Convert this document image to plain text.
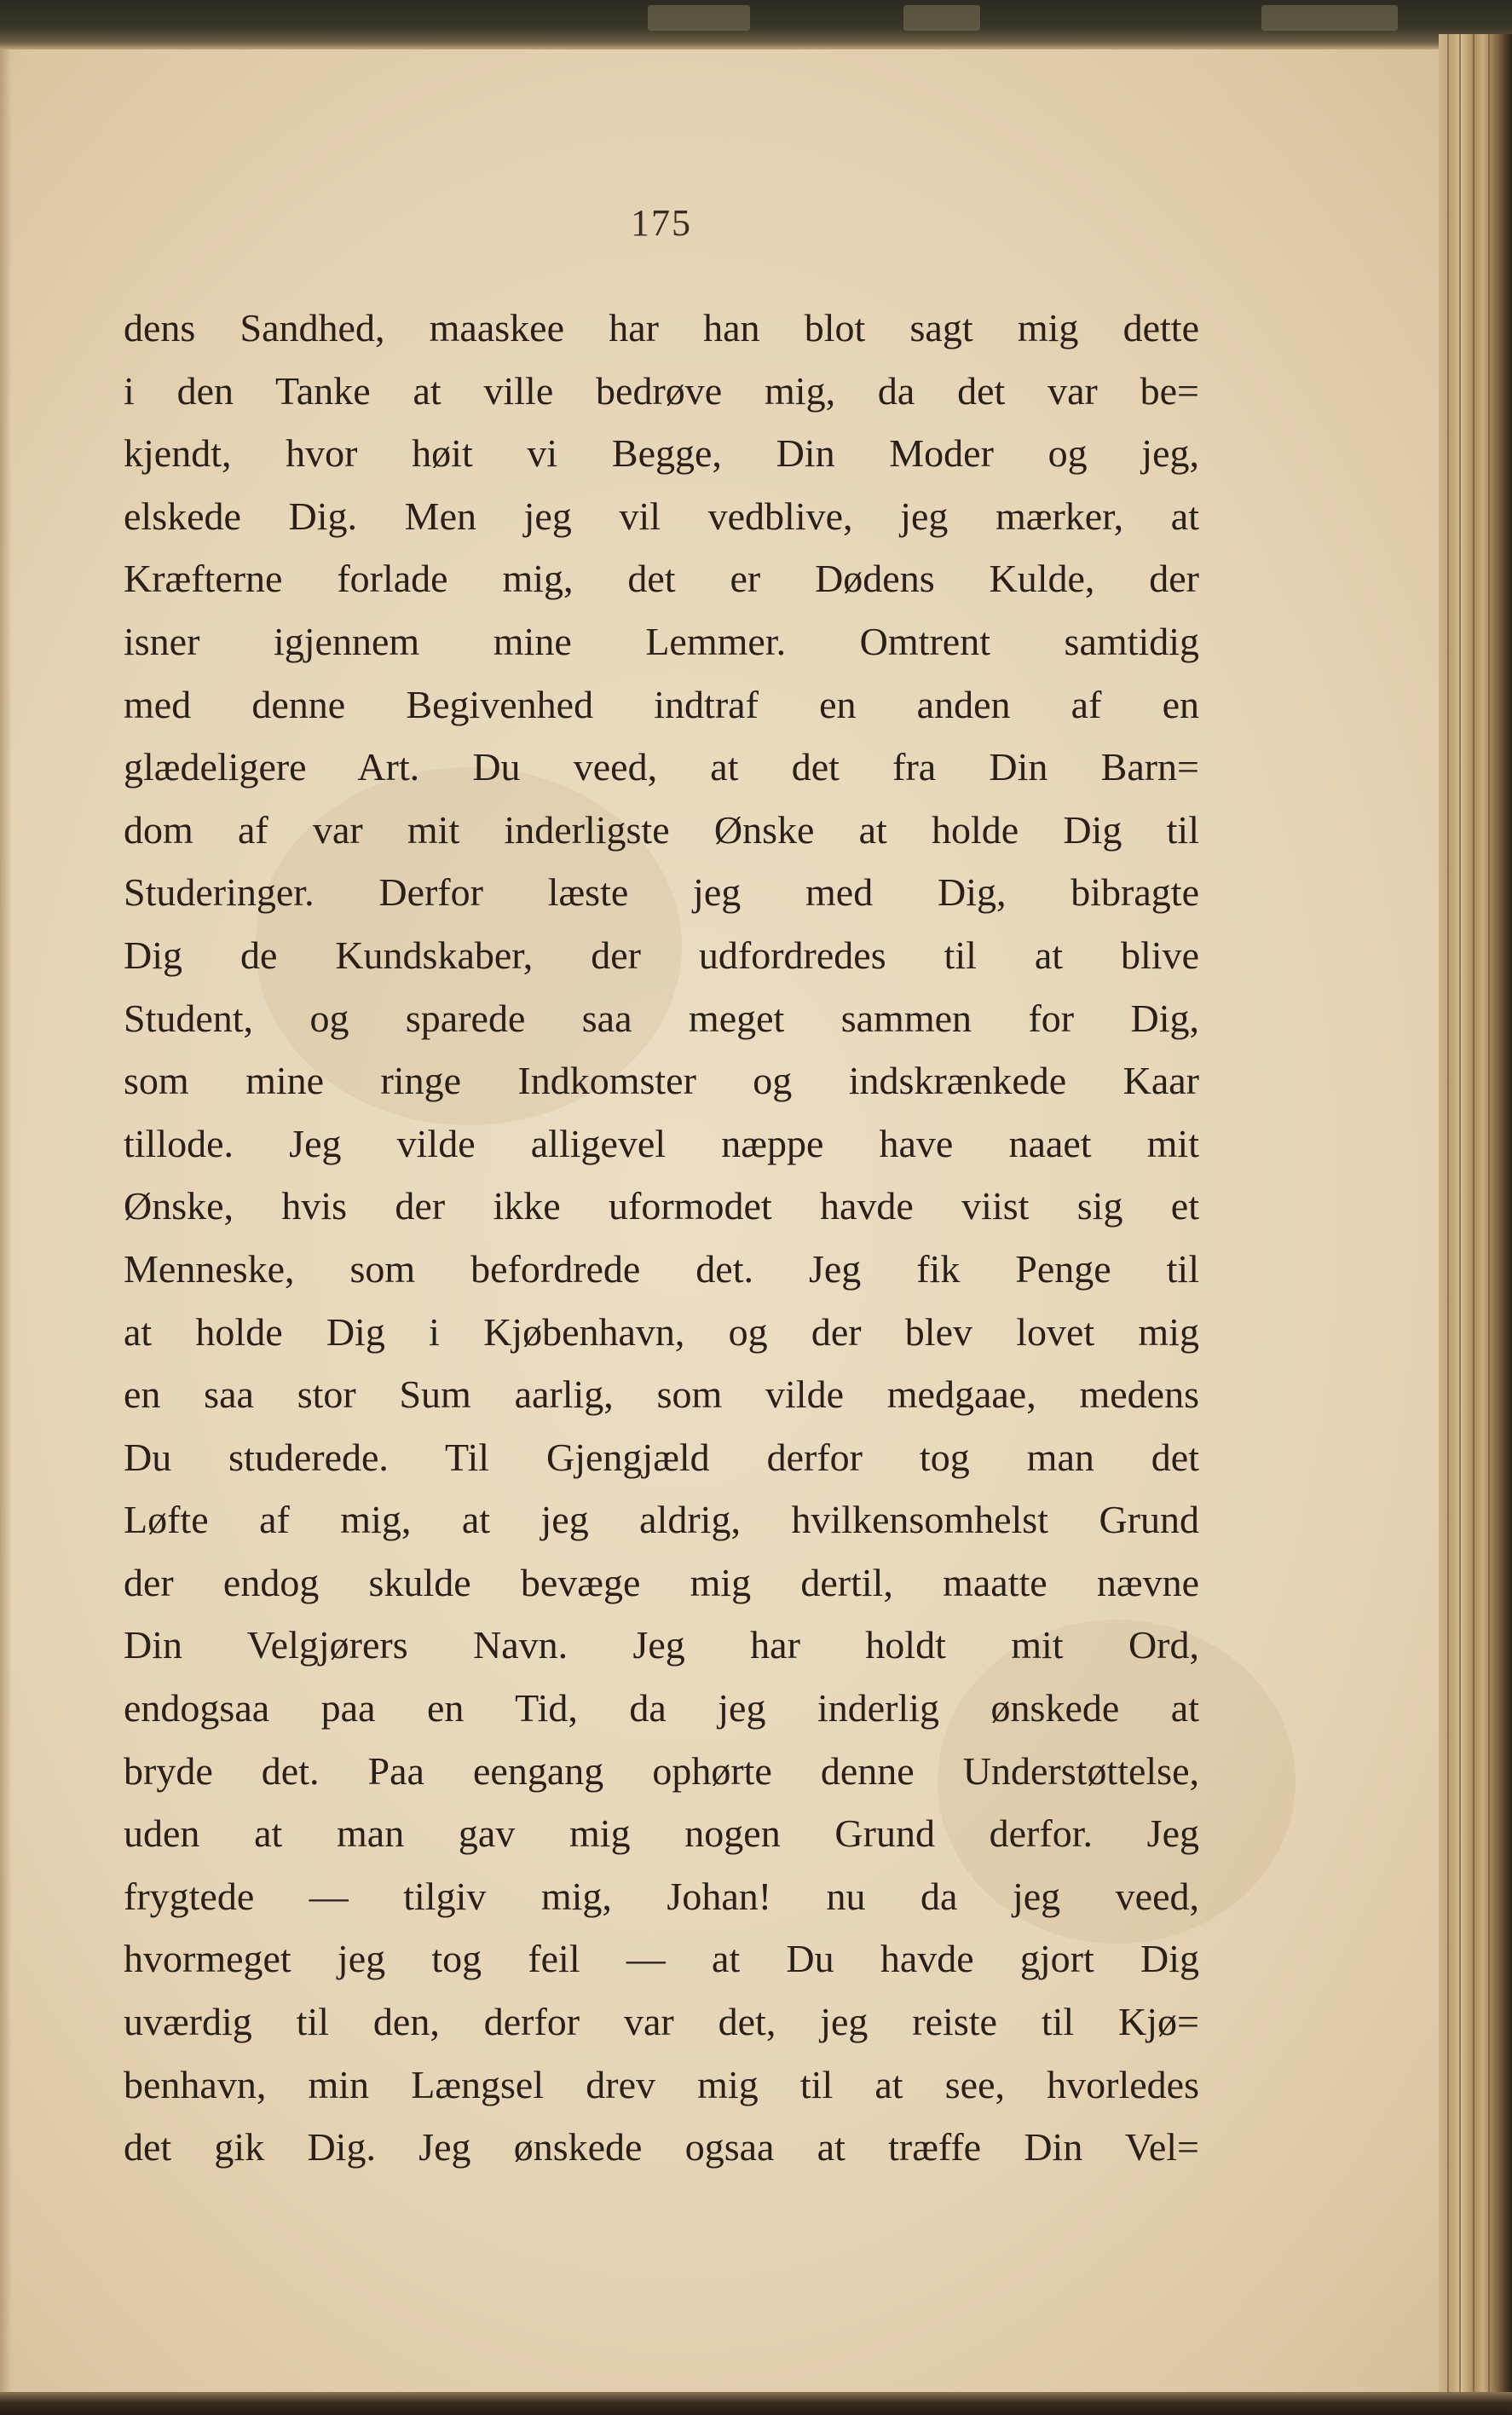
175
dens Sandhed, maaskee har han blot sagt mig dette
i den Tanke at ville bedrøve mig, da det var be=
kjendt, hvor høit vi Begge, Din Moder og jeg,
elskede Dig. Men jeg vil vedblive, jeg mærker, at
Kræfterne forlade mig, det er Dødens Kulde, der
isner igjennem mine Lemmer. Omtrent samtidig
med denne Begivenhed indtraf en anden af en
glædeligere Art. Du veed, at det fra Din Barn=
dom af var mit inderligste Ønske at holde Dig til
Studeringer. Derfor læste jeg med Dig, bibragte
Dig de Kundskaber, der udfordredes til at blive
Student, og sparede saa meget sammen for Dig,
som mine ringe Indkomster og indskrænkede Kaar
tillode. Jeg vilde alligevel næppe have naaet mit
Ønske, hvis der ikke uformodet havde viist sig et
Menneske, som befordrede det. Jeg fik Penge til
at holde Dig i Kjøbenhavn, og der blev lovet mig
en saa stor Sum aarlig, som vilde medgaae, medens
Du studerede. Til Gjengjæld derfor tog man det
Løfte af mig, at jeg aldrig, hvilkensomhelst Grund
der endog skulde bevæge mig dertil, maatte nævne
Din Velgjørers Navn. Jeg har holdt mit Ord,
endogsaa paa en Tid, da jeg inderlig ønskede at
bryde det. Paa eengang ophørte denne Understøttelse,
uden at man gav mig nogen Grund derfor. Jeg
frygtede — tilgiv mig, Johan! nu da jeg veed,
hvormeget jeg tog feil — at Du havde gjort Dig
uværdig til den, derfor var det, jeg reiste til Kjø=
benhavn, min Længsel drev mig til at see, hvorledes
det gik Dig. Jeg ønskede ogsaa at træffe Din Vel=
